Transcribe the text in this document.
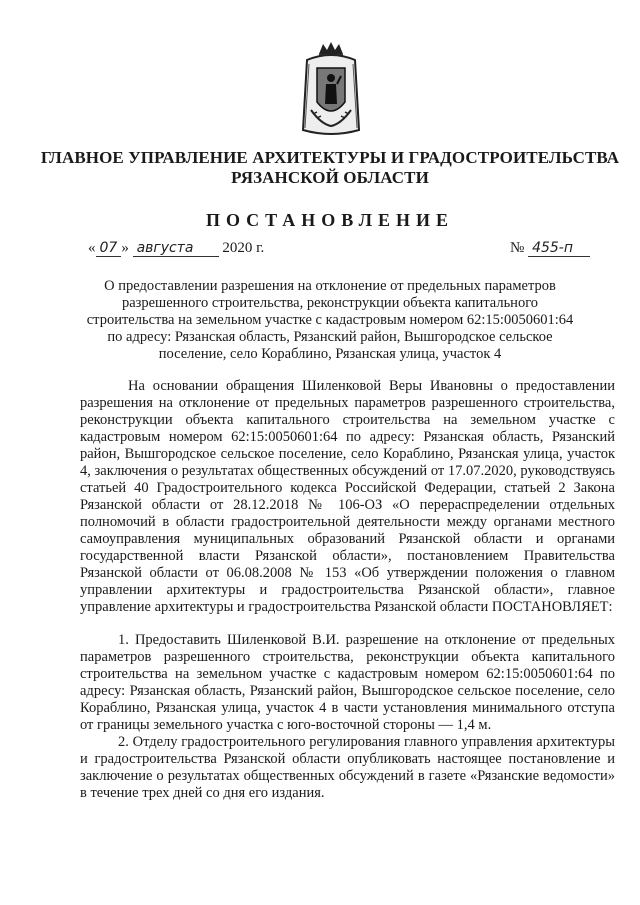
ГЛАВНОЕ УПРАВЛЕНИЕ АРХИТЕКТУРЫ И ГРАДОСТРОИТЕЛЬСТВА
РЯЗАНСКОЙ ОБЛАСТИ
ПОСТАНОВЛЕНИЕ
« 07 » августа 2020 г.	№ 455-п
О предоставлении разрешения на отклонение от предельных параметров разрешенного строительства, реконструкции объекта капитального строительства на земельном участке с кадастровым номером 62:15:0050601:64 по адресу: Рязанская область, Рязанский район, Вышгородское сельское поселение, село Кораблино, Рязанская улица, участок 4

На основании обращения Шиленковой Веры Ивановны о предоставлении разрешения на отклонение от предельных параметров разрешенного строительства, реконструкции объекта капитального строительства на земельном участке с кадастровым номером 62:15:0050601:64 по адресу: Рязанская область, Рязанский район, Вышгородское сельское поселение, село Кораблино, Рязанская улица, участок 4, заключения о результатах общественных обсуждений от 17.07.2020, руководствуясь статьей 40 Градостроительного кодекса Российской Федерации, статьей 2 Закона Рязанской области от 28.12.2018 № 106-ОЗ «О перераспределении отдельных полномочий в области градостроительной деятельности между органами местного самоуправления муниципальных образований Рязанской области и органами государственной власти Рязанской области», постановлением Правительства Рязанской области от 06.08.2008 № 153 «Об утверждении положения о главном управлении архитектуры и градостроительства Рязанской области», главное управление архитектуры и градостроительства Рязанской области ПОСТАНОВЛЯЕТ:

1. Предоставить Шиленковой В.И. разрешение на отклонение от предельных параметров разрешенного строительства, реконструкции объекта капитального строительства на земельном участке с кадастровым номером 62:15:0050601:64 по адресу: Рязанская область, Рязанский район, Вышгородское сельское поселение, село Кораблино, Рязанская улица, участок 4 в части установления минимального отступа от границы земельного участка с юго-восточной стороны — 1,4 м.

2. Отделу градостроительного регулирования главного управления архитектуры и градостроительства Рязанской области опубликовать настоящее постановление и заключение о результатах общественных обсуждений в газете «Рязанские ведомости» в течение трех дней со дня его издания.
